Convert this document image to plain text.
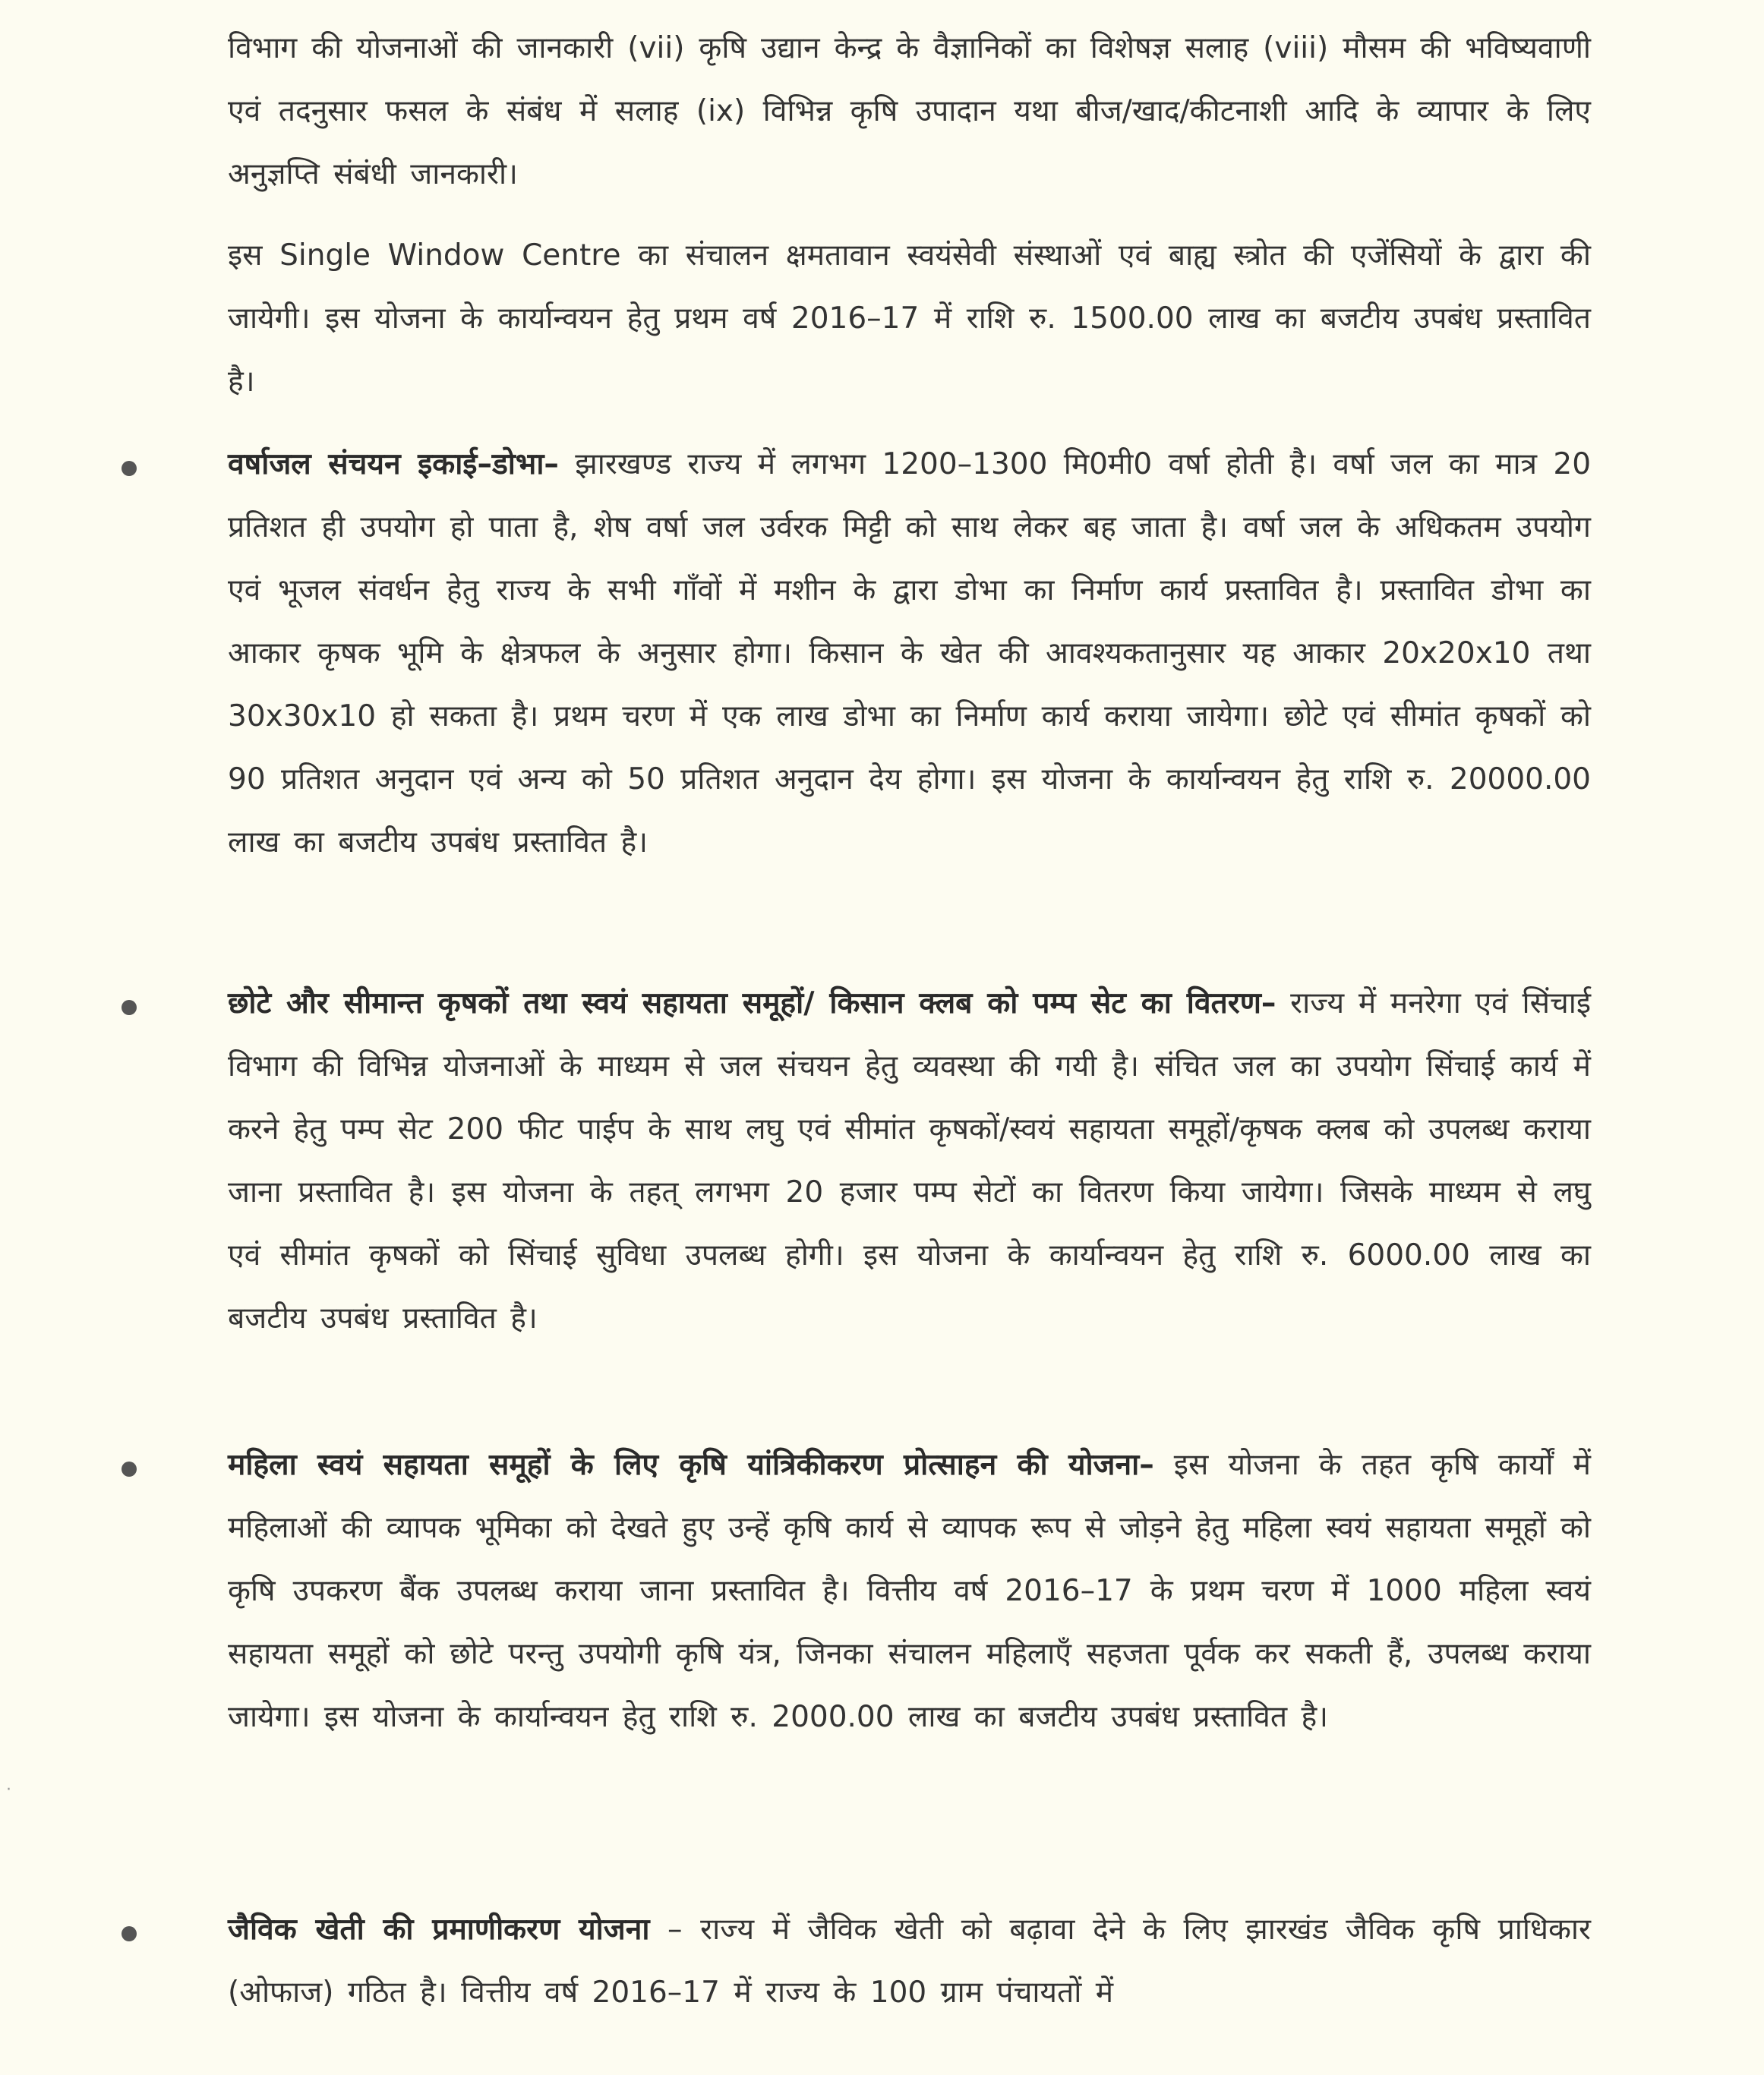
विभाग की योजनाओं की जानकारी (vii) कृषि उद्यान केन्द्र के वैज्ञानिकों का विशेषज्ञ सलाह (viii) मौसम की भविष्यवाणी एवं तदनुसार फसल के संबंध में सलाह (ix) विभिन्न कृषि उपादान यथा बीज/खाद/कीटनाशी आदि के व्यापार के लिए अनुज्ञप्ति संबंधी जानकारी।
इस Single Window Centre का संचालन क्षमतावान स्वयंसेवी संस्थाओं एवं बाह्य स्त्रोत की एजेंसियों के द्वारा की जायेगी। इस योजना के कार्यान्वयन हेतु प्रथम वर्ष 2016–17 में राशि रु. 1500.00 लाख का बजटीय उपबंध प्रस्तावित है।
वर्षाजल संचयन इकाई–डोभा– झारखण्ड राज्य में लगभग 1200–1300 मि0मी0 वर्षा होती है। वर्षा जल का मात्र 20 प्रतिशत ही उपयोग हो पाता है, शेष वर्षा जल उर्वरक मिट्टी को साथ लेकर बह जाता है। वर्षा जल के अधिकतम उपयोग एवं भूजल संवर्धन हेतु राज्य के सभी गाँवों में मशीन के द्वारा डोभा का निर्माण कार्य प्रस्तावित है। प्रस्तावित डोभा का आकार कृषक भूमि के क्षेत्रफल के अनुसार होगा। किसान के खेत की आवश्यकतानुसार यह आकार 20x20x10 तथा 30x30x10 हो सकता है। प्रथम चरण में एक लाख डोभा का निर्माण कार्य कराया जायेगा। छोटे एवं सीमांत कृषकों को 90 प्रतिशत अनुदान एवं अन्य को 50 प्रतिशत अनुदान देय होगा। इस योजना के कार्यान्वयन हेतु राशि रु. 20000.00 लाख का बजटीय उपबंध प्रस्तावित है।
छोटे और सीमान्त कृषकों तथा स्वयं सहायता समूहों/ किसान क्लब को पम्प सेट का वितरण– राज्य में मनरेगा एवं सिंचाई विभाग की विभिन्न योजनाओं के माध्यम से जल संचयन हेतु व्यवस्था की गयी है। संचित जल का उपयोग सिंचाई कार्य में करने हेतु पम्प सेट 200 फीट पाईप के साथ लघु एवं सीमांत कृषकों/स्वयं सहायता समूहों/कृषक क्लब को उपलब्ध कराया जाना प्रस्तावित है। इस योजना के तहत् लगभग 20 हजार पम्प सेटों का वितरण किया जायेगा। जिसके माध्यम से लघु एवं सीमांत कृषकों को सिंचाई सुविधा उपलब्ध होगी। इस योजना के कार्यान्वयन हेतु राशि रु. 6000.00 लाख का बजटीय उपबंध प्रस्तावित है।
महिला स्वयं सहायता समूहों के लिए कृषि यांत्रिकीकरण प्रोत्साहन की योजना– इस योजना के तहत कृषि कार्यों में महिलाओं की व्यापक भूमिका को देखते हुए उन्हें कृषि कार्य से व्यापक रूप से जोड़ने हेतु महिला स्वयं सहायता समूहों को कृषि उपकरण बैंक उपलब्ध कराया जाना प्रस्तावित है। वित्तीय वर्ष 2016–17 के प्रथम चरण में 1000 महिला स्वयं सहायता समूहों को छोटे परन्तु उपयोगी कृषि यंत्र, जिनका संचालन महिलाएँ सहजता पूर्वक कर सकती हैं, उपलब्ध कराया जायेगा। इस योजना के कार्यान्वयन हेतु राशि रु. 2000.00 लाख का बजटीय उपबंध प्रस्तावित है।
जैविक खेती की प्रमाणीकरण योजना – राज्य में जैविक खेती को बढ़ावा देने के लिए झारखंड जैविक कृषि प्राधिकार (ओफाज) गठित है। वित्तीय वर्ष 2016–17 में राज्य के 100 ग्राम पंचायतों में
·
